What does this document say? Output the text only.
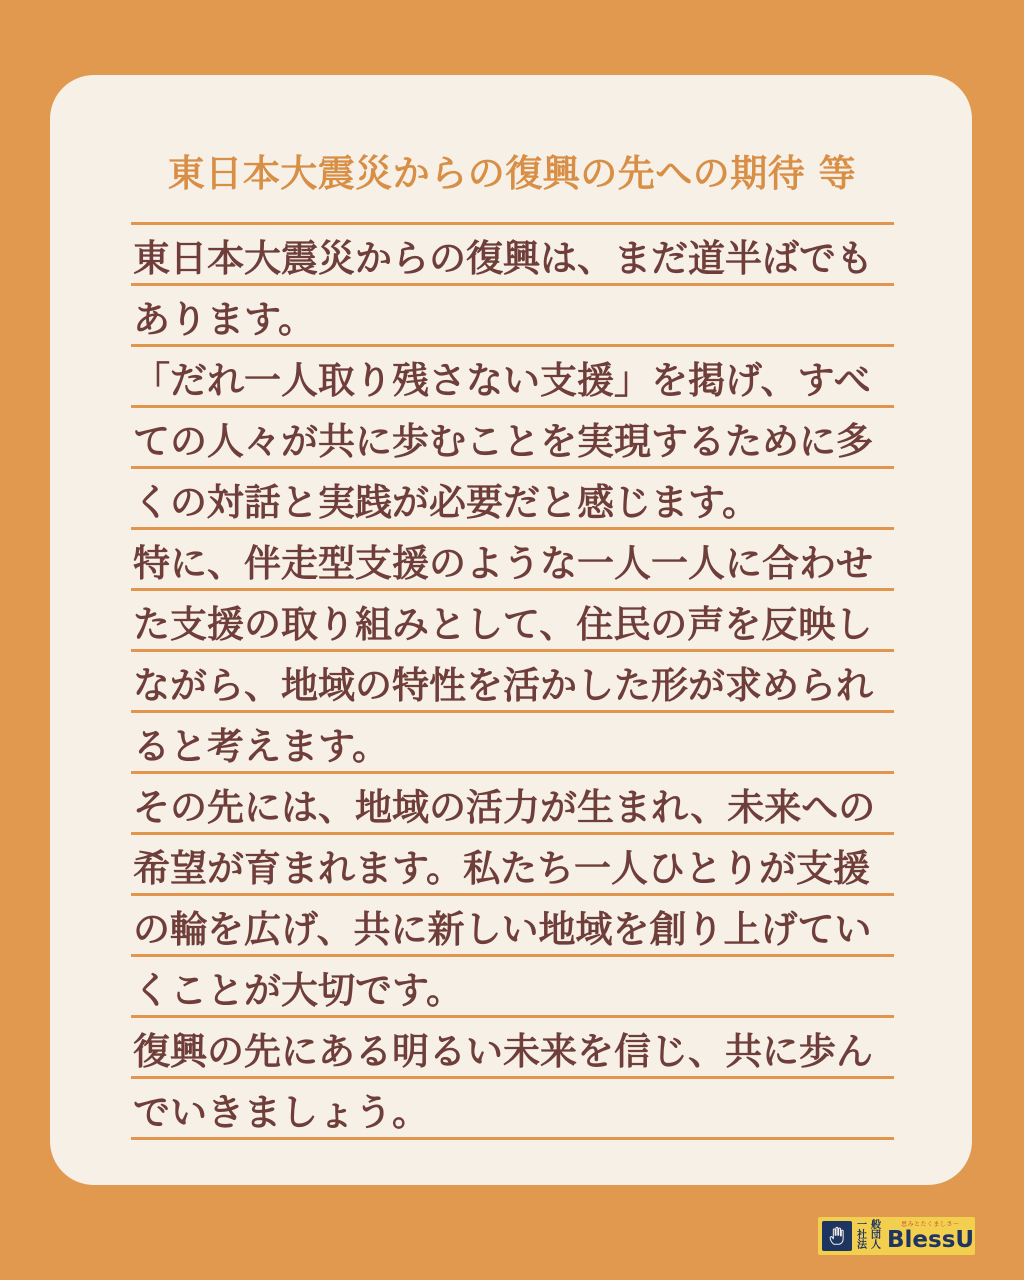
東日本大震災からの復興の先への期待 等
東日本大震災からの復興は、まだ道半ばでも
あります。
「だれ一人取り残さない支援」を掲げ、すべ
ての人々が共に歩むことを実現するために多
くの対話と実践が必要だと感じます。
特に、伴走型支援のような一人一人に合わせ
た支援の取り組みとして、住民の声を反映し
ながら、地域の特性を活かした形が求められ
ると考えます。
その先には、地域の活力が生まれ、未来への
希望が育まれます。私たち一人ひとりが支援
の輪を広げ、共に新しい地域を創り上げてい
くことが大切です。
復興の先にある明るい未来を信じ、共に歩ん
でいきましょう。
一般
社団
法人
恵みとたくましさ〜
BlessU
